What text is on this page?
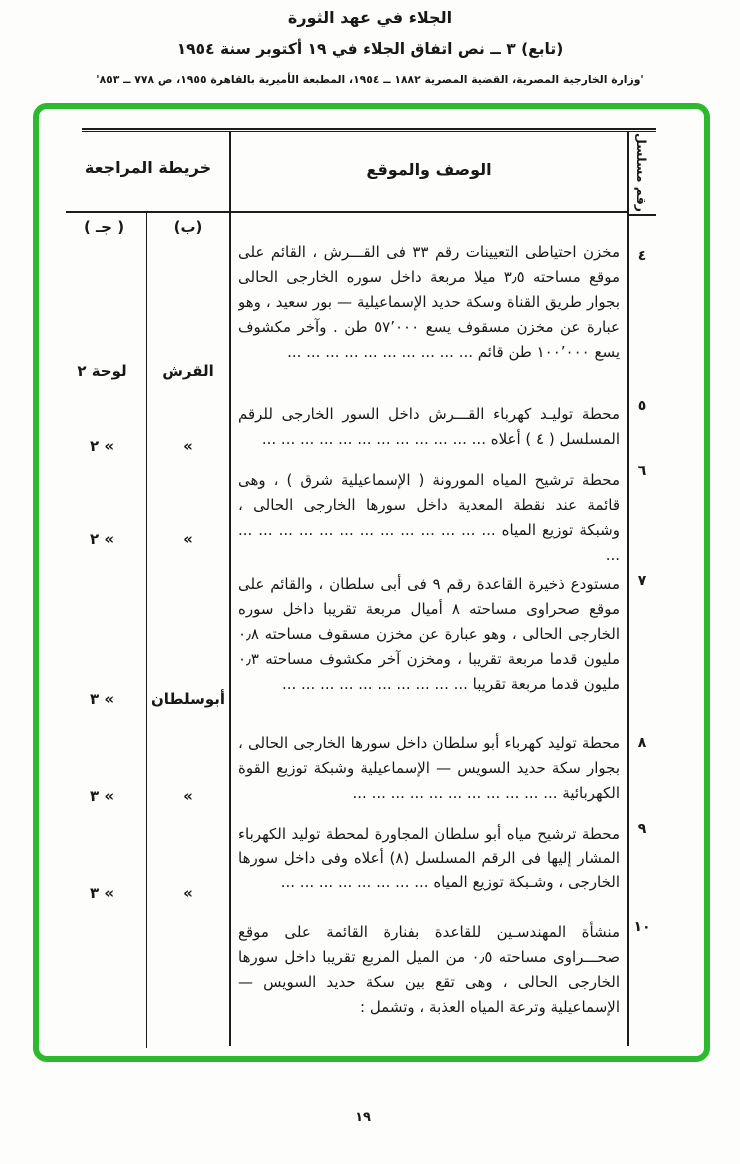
الجلاء في عهد الثورة
(تابع) ٣ ــ نص اتفاق الجلاء في ١٩ أكتوبر سنة ١٩٥٤
'وزارة الخارجية المصرية، القضية المصرية ١٨٨٢ ــ ١٩٥٤، المطبعة الأميرية بالقاهرة ١٩٥٥، ص ٧٧٨ ــ ٨٥٣'
خريطة المراجعة	الوصف والموقع	رقم مسلسل
(ب)
( جـ )
٤
٥
٦
٧
٨
٩
١٠
مخزن احتياطى التعيينات رقم ٣٣ فى القـــرش ، القائم على موقع مساحته ٣٫٥ ميلا مربعة داخل سوره الخارجى الحالى بجوار طريق القناة وسكة حديد الإسماعيلية — بور سعيد ، وهو عبارة عن مخزن مسقوف يسع ٥٧٬٠٠٠ طن . وآخر مكشوف يسع ١٠٠٬٠٠٠ طن قائم ... ... ... ... ... ... ... ... ... ...
محطة توليـد كهرباء القـــرش داخل السور الخارجى للرقم المسلسل ( ٤ ) أعلاه ... ... ... ... ... ... ... ... ... ... ... ...
محطة ترشيح المياه المورونة ( الإسماعيلية شرق ) ، وهى قائمة عند نقطة المعدية داخل سورها الخارجى الحالى ، وشبكة توزيع المياه ... ... ... ... ... ... ... ... ... ... ... ... ... ...
مستودع ذخيرة القاعدة رقم ٩ فى أبى سلطان ، والقائم على موقع صحراوى مساحته ٨ أميال مربعة تقريبا داخل سوره الخارجى الحالى ، وهو عبارة عن مخزن مسقوف مساحته ٠٫٨ مليون قدما مربعة تقريبا ، ومخزن آخر مكشوف مساحته ٠٫٣ مليون قدما مربعة تقريبا ... ... ... ... ... ... ... ... ... ...
محطة توليد كهرباء أبو سلطان داخل سورها الخارجى الحالى ، بجوار سكة حديد السويس — الإسماعيلية وشبكة توزيع القوة الكهربائية ... ... ... ... ... ... ... ... ... ... ...
محطة ترشيح مياه أبو سلطان المجاورة لمحطة توليد الكهرباء المشار إليها فى الرقم المسلسل (٨) أعلاه وفى داخل سورها الخارجى ، وشـبكة توزيع المياه ... ... ... ... ... ... ... ...
منشأة المهندسـين للقاعدة بفنارة القائمة على موقع صحـــراوى مساحته ٠٫٥ من الميل المربع تقريبا داخل سورها الخارجى الحالى ، وهى تقع بين سكة حديد السويس — الإسماعيلية وترعة المياه العذبة ، وتشمل :
القرش
»
»
أبوسلطان
»
»
لوحة ٢
» ٢
» ٢
» ٣
» ٣
» ٣
١٩
